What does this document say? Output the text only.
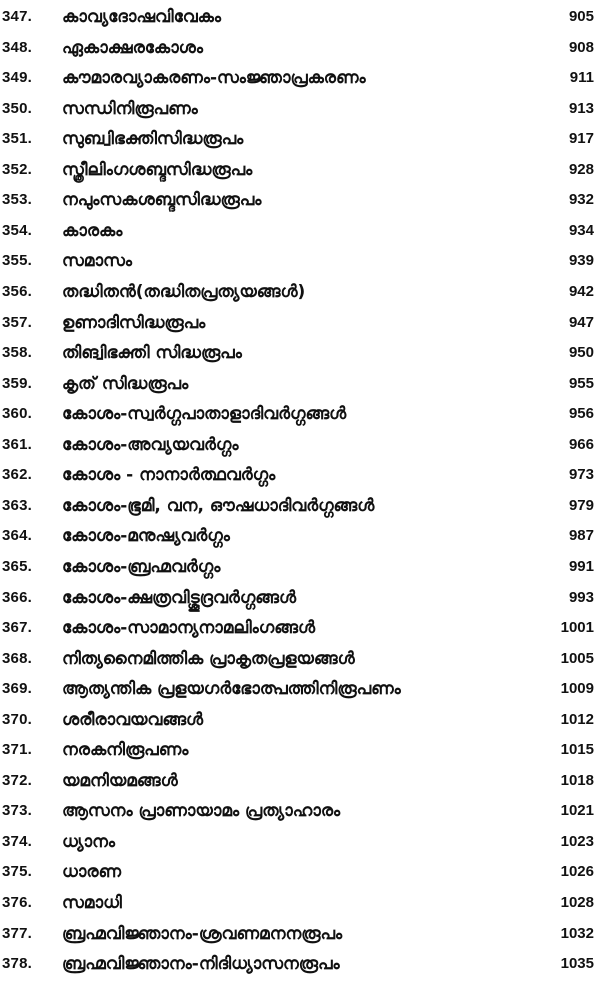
347. കാവ്യദോഷവിവേകം	905
348. ഏകാക്ഷരകോശം	908
349. കൗമാരവ്യാകരണം-സംജ്ഞാപ്രകരണം	911
350. സന്ധിനിരൂപണം	913
351. സുബ്വിഭക്തിസിദ്ധരൂപം	917
352. സ്ത്രീലിംഗശബ്ദസിദ്ധരൂപം	928
353. നപുംസകശബ്ദസിദ്ധരൂപം	932
354. കാരകം	934
355. സമാസം	939
356. തദ്ധിതൻ(തദ്ധിതപ്രത്യയങ്ങൾ)	942
357. ഉണാദിസിദ്ധരൂപം	947
358. തിങ്വിഭക്തി സിദ്ധരൂപം	950
359. കൃത് സിദ്ധരൂപം	955
360. കോശം-സ്വർഗ്ഗപാതാളാദിവർഗ്ഗങ്ങൾ	956
361. കോശം-അവ്യയവർഗ്ഗം	966
362. കോശം - നാനാർത്ഥവർഗ്ഗം	973
363. കോശം-ഭൂമി, വന, ഔഷധാദിവർഗ്ഗങ്ങൾ	979
364. കോശം-മനുഷ്യവർഗ്ഗം	987
365. കോശം-ബ്രഹ്മവർഗ്ഗം	991
366. കോശം-ക്ഷത്രവിട്ശൂദ്രവർഗ്ഗങ്ങൾ	993
367. കോശം-സാമാന്യനാമലിംഗങ്ങൾ	1001
368. നിത്യനൈമിത്തിക പ്രാകൃതപ്രളയങ്ങൾ	1005
369. ആത്യന്തിക പ്രളയഗർഭോത്പത്തിനിരൂപണം	1009
370. ശരീരാവയവങ്ങൾ	1012
371. നരകനിരൂപണം	1015
372. യമനിയമങ്ങൾ	1018
373. ആസനം പ്രാണായാമം പ്രത്യാഹാരം	1021
374. ധ്യാനം	1023
375. ധാരണ	1026
376. സമാധി	1028
377. ബ്രഹ്മവിജ്ഞാനം-ശ്രവണമനനരൂപം	1032
378. ബ്രഹ്മവിജ്ഞാനം-നിദിധ്യാസനരൂപം	1035
